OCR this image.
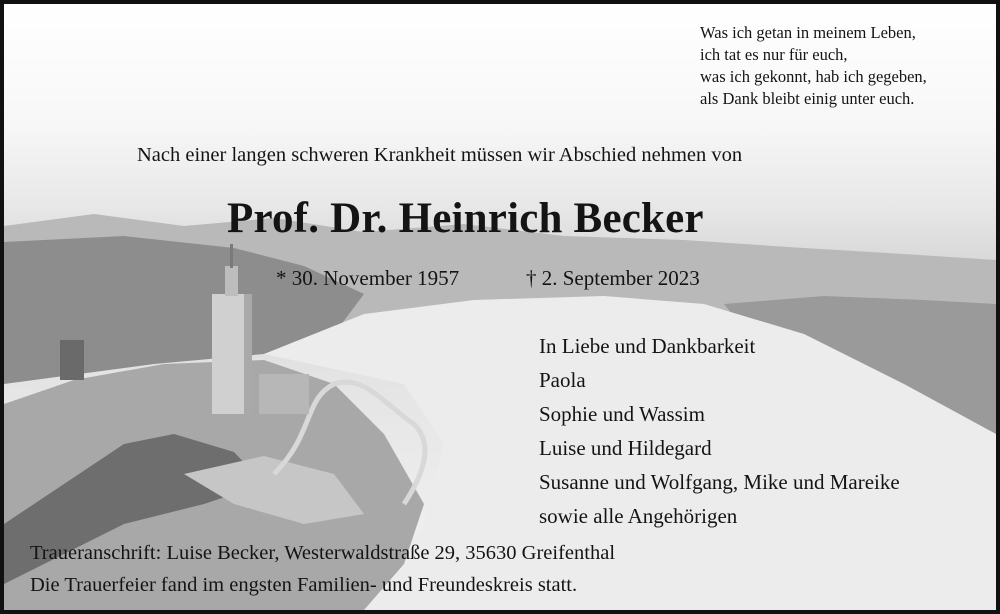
Was ich getan in meinem Leben,
ich tat es nur für euch,
was ich gekonnt, hab ich gegeben,
als Dank bleibt einig unter euch.
Nach einer langen schweren Krankheit müssen wir Abschied nehmen von
Prof. Dr. Heinrich Becker
* 30. November 1957	† 2. September 2023
In Liebe und Dankbarkeit
Paola
Sophie und Wassim
Luise und Hildegard
Susanne und Wolfgang, Mike und Mareike
sowie alle Angehörigen
Traueranschrift: Luise Becker, Westerwaldstraße 29, 35630 Greifenthal
Die Trauerfeier fand im engsten Familien- und Freundeskreis statt.
